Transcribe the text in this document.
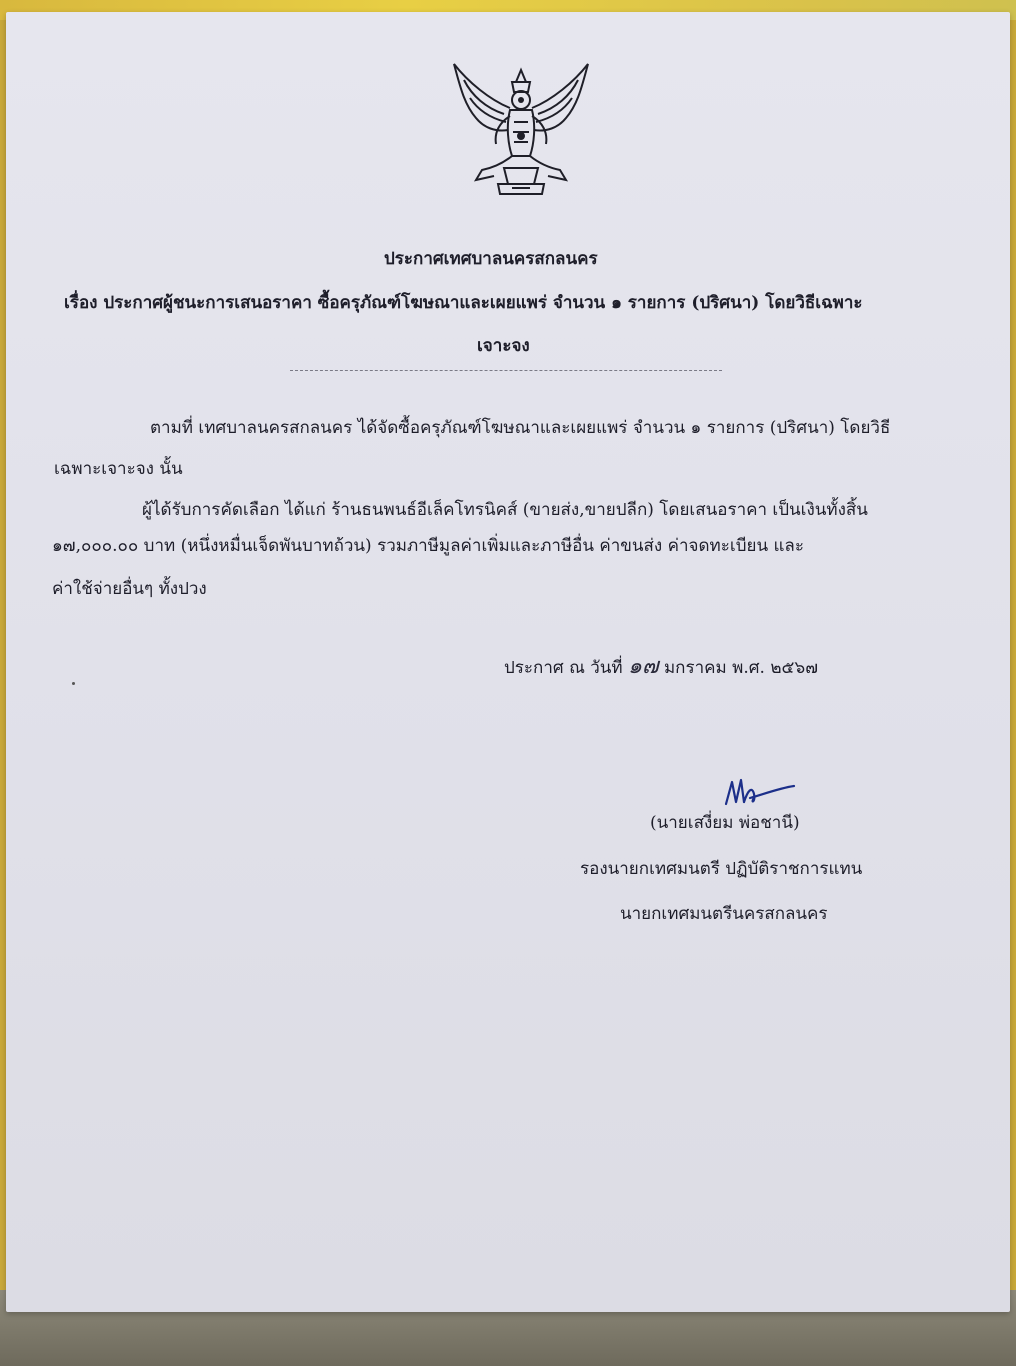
ประกาศเทศบาลนครสกลนคร
เรื่อง ประกาศผู้ชนะการเสนอราคา ซื้อครุภัณฑ์โฆษณาและเผยแพร่ จำนวน ๑ รายการ (ปริศนา) โดยวิธีเฉพาะ
เจาะจง
ตามที่ เทศบาลนครสกลนคร ได้จัดซื้อครุภัณฑ์โฆษณาและเผยแพร่ จำนวน ๑ รายการ (ปริศนา) โดยวิธี
เฉพาะเจาะจง นั้น
ผู้ได้รับการคัดเลือก ได้แก่ ร้านธนพนธ์อีเล็คโทรนิคส์ (ขายส่ง,ขายปลีก) โดยเสนอราคา เป็นเงินทั้งสิ้น
๑๗,๐๐๐.๐๐ บาท (หนึ่งหมื่นเจ็ดพันบาทถ้วน) รวมภาษีมูลค่าเพิ่มและภาษีอื่น ค่าขนส่ง ค่าจดทะเบียน และ
ค่าใช้จ่ายอื่นๆ ทั้งปวง
ประกาศ ณ วันที่ ๑๗ มกราคม พ.ศ. ๒๕๖๗
(นายเสงี่ยม พ่อชานี)
รองนายกเทศมนตรี ปฏิบัติราชการแทน
นายกเทศมนตรีนครสกลนคร
